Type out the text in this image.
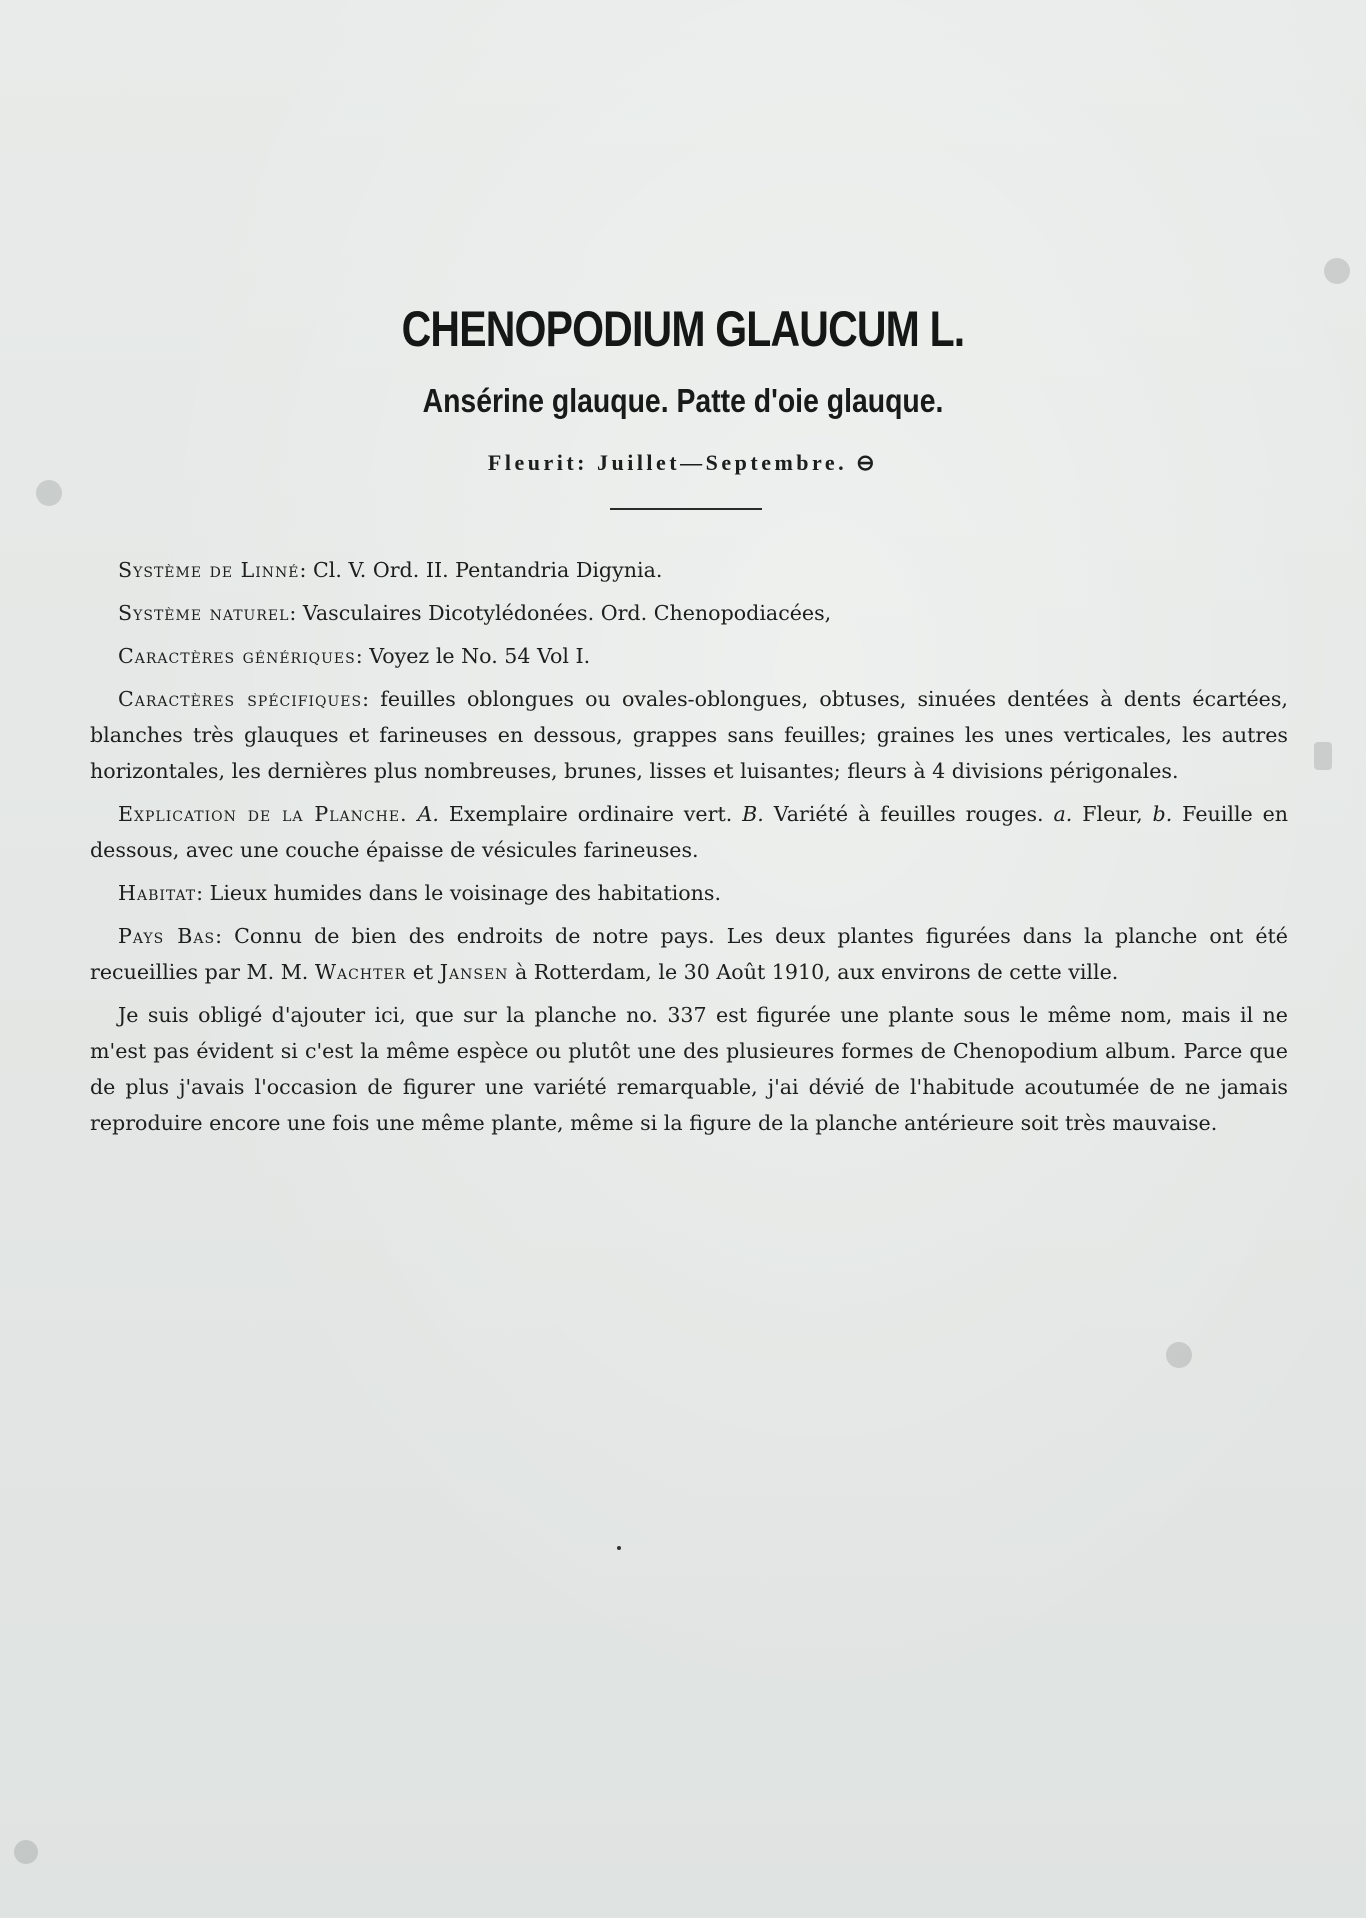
CHENOPODIUM GLAUCUM L.
Ansérine glauque. Patte d'oie glauque.
Fleurit: Juillet—Septembre. ⊖

Système de Linné: Cl. V. Ord. II. Pentandria Digynia.

Système naturel: Vasculaires Dicotylédonées. Ord. Chenopodiacées,

Caractères génériques: Voyez le No. 54 Vol I.

Caractères spécifiques: feuilles oblongues ou ovales-oblongues, obtuses, sinuées dentées à dents écartées, blanches très glauques et farineuses en dessous, grappes sans feuilles; graines les unes verticales, les autres horizontales, les dernières plus nombreuses, brunes, lisses et luisantes; fleurs à 4 divisions périgonales.

Explication de la Planche. A. Exemplaire ordinaire vert. B. Variété à feuilles rouges. a. Fleur, b. Feuille en dessous, avec une couche épaisse de vésicules farineuses.

Habitat: Lieux humides dans le voisinage des habitations.

Pays Bas: Connu de bien des endroits de notre pays. Les deux plantes figurées dans la planche ont été recueillies par M. M. Wachter et Jansen à Rotterdam, le 30 Août 1910, aux environs de cette ville.

Je suis obligé d'ajouter ici, que sur la planche no. 337 est figurée une plante sous le même nom, mais il ne m'est pas évident si c'est la même espèce ou plutôt une des plusieures formes de Chenopodium album. Parce que de plus j'avais l'occasion de figurer une variété remarquable, j'ai dévié de l'habitude acoutumée de ne jamais reproduire encore une fois une même plante, même si la figure de la planche antérieure soit très mauvaise.
